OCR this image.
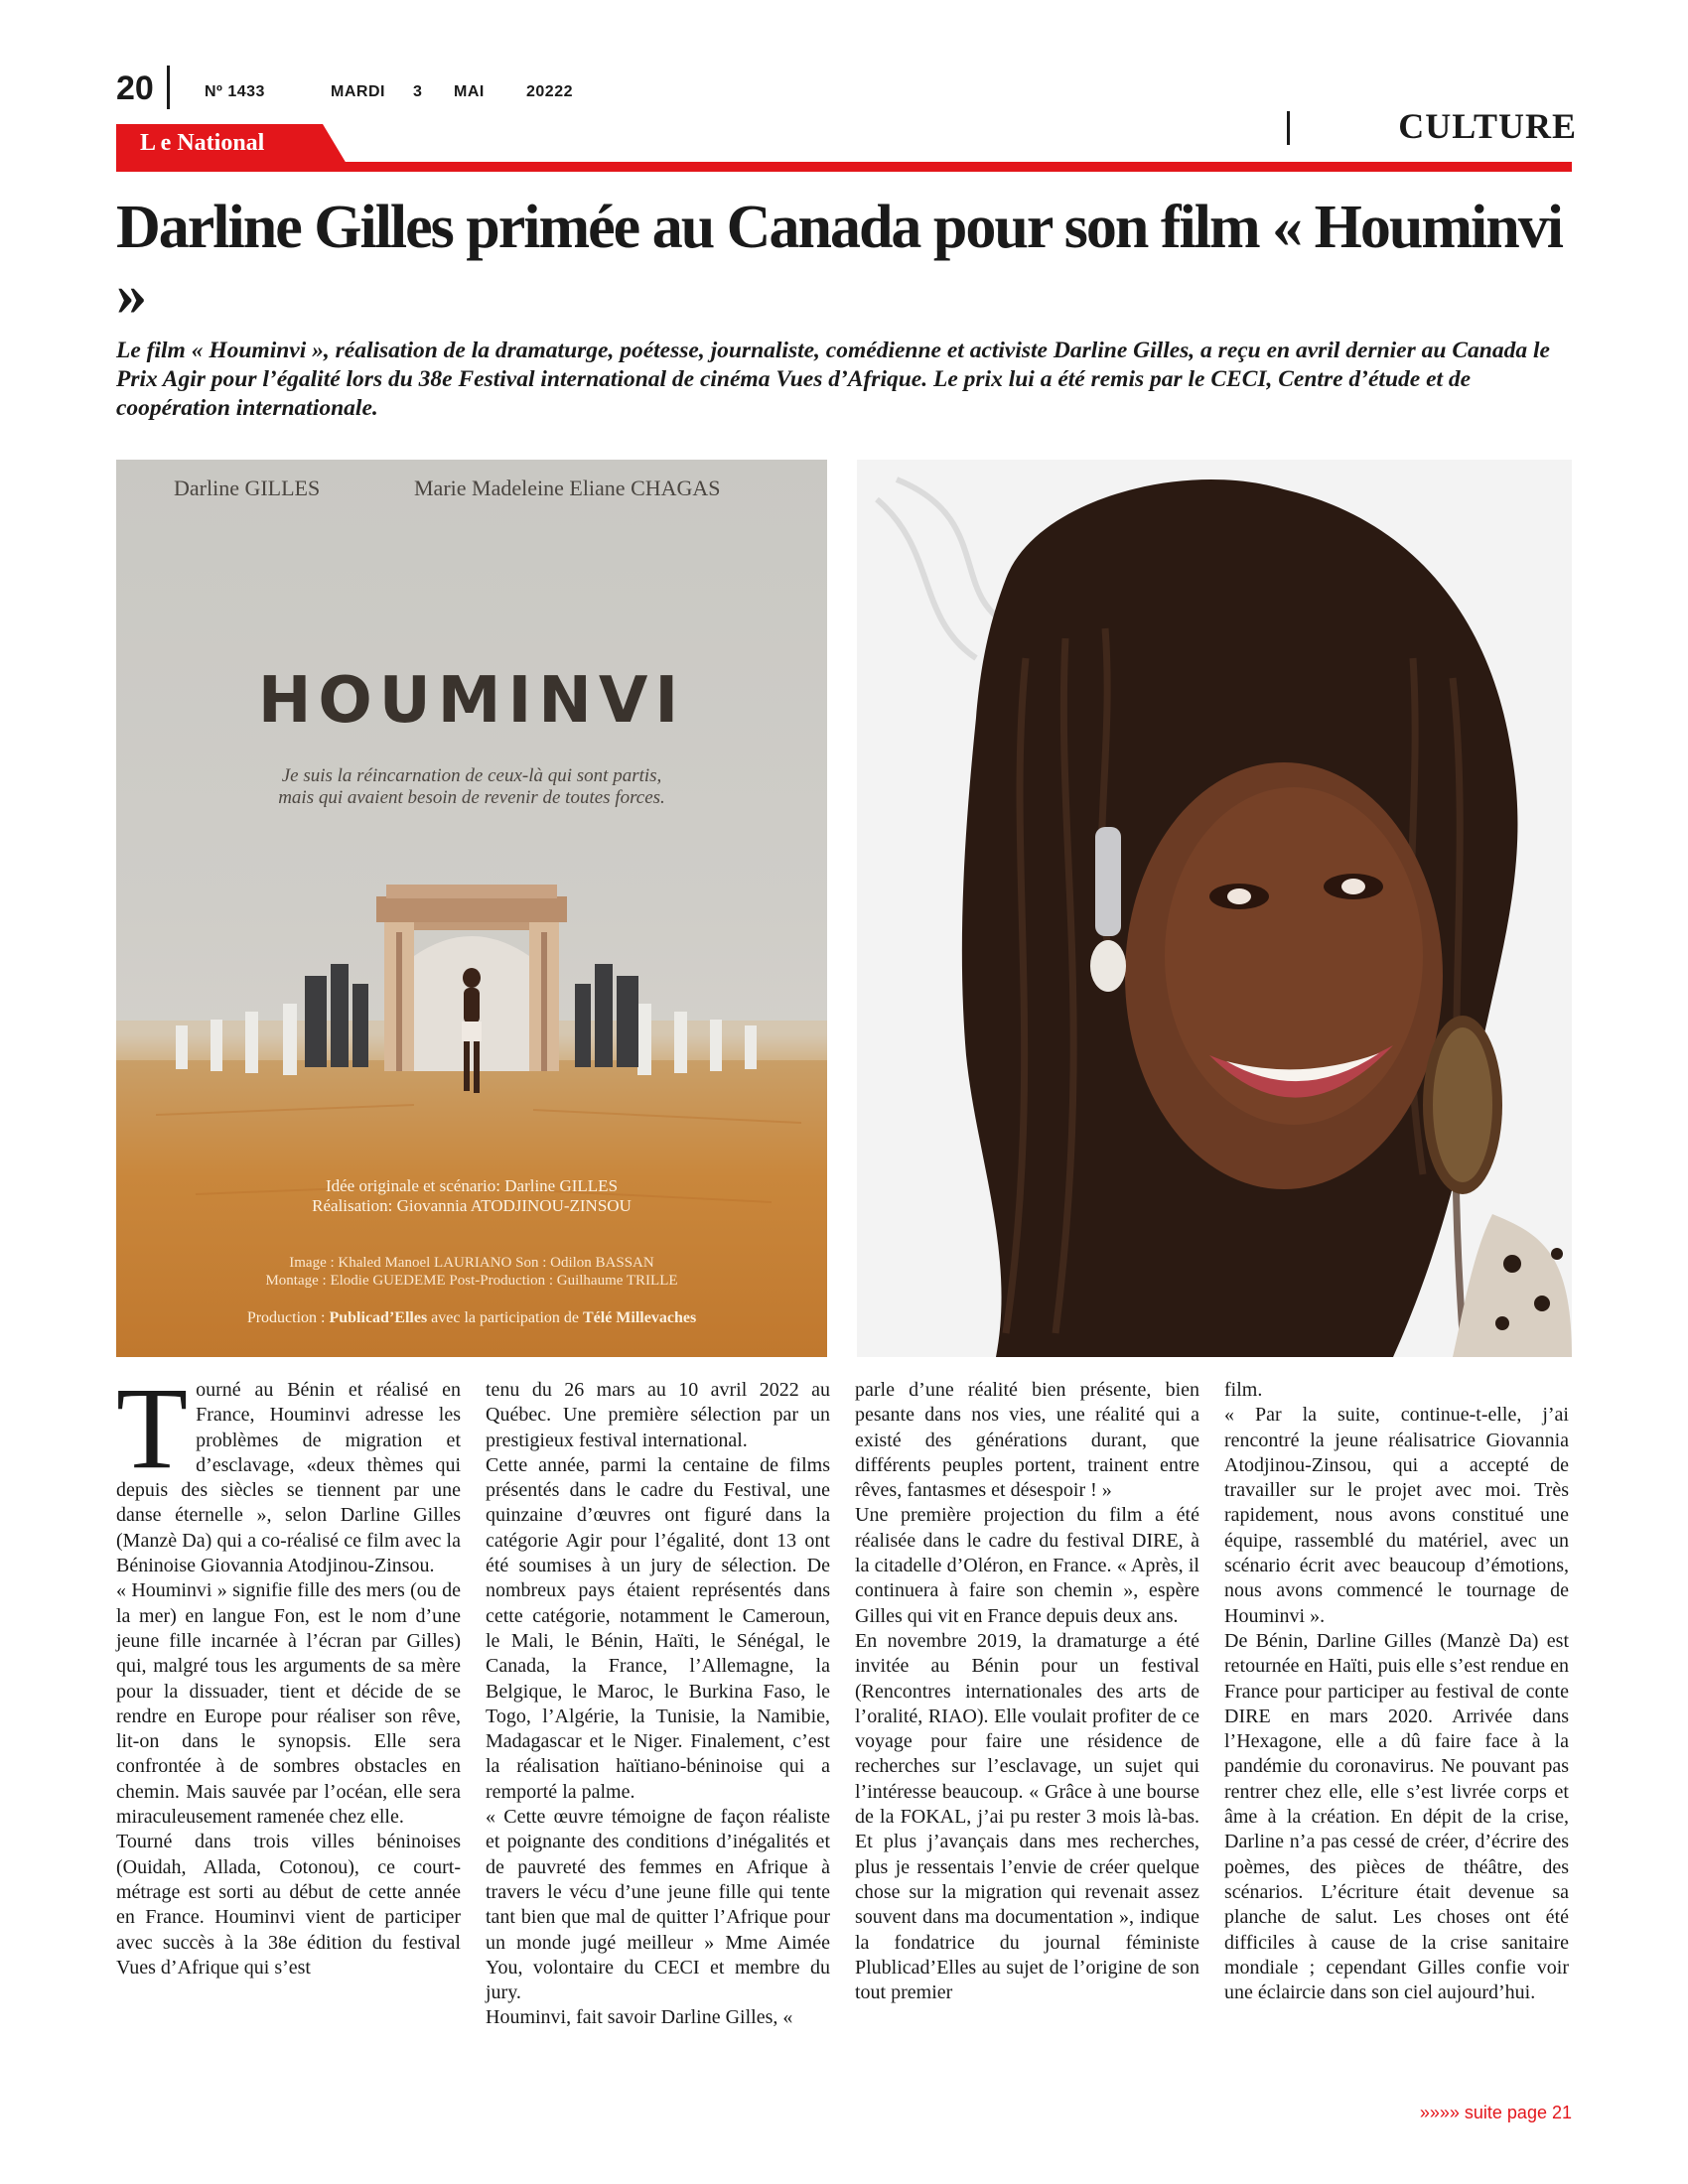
20	Nº 1433	MARDI 3 MAI	20222
CULTURE
L e National
Darline Gilles primée au Canada pour son film « Houminvi »

Le film « Houminvi », réalisation de la dramaturge, poétesse, journaliste, comédienne et activiste Darline Gilles, a reçu en avril dernier au Canada le Prix Agir pour l’égalité lors du 38e Festival international de cinéma Vues d’Afrique. Le prix lui a été remis par le CECI, Centre d’étude et de coopération internationale.

Darline GILLES	Marie Madeleine Eliane CHAGAS
HOUMINVI
Je suis la réincarnation de ceux-là qui sont partis,
mais qui avaient besoin de revenir de toutes forces.
Idée originale et scénario: Darline GILLES
Réalisation: Giovannia ATODJINOU-ZINSOU
Image : Khaled Manoel LAURIANO Son : Odilon BASSAN
Montage : Elodie GUEDEME Post-Production : Guilhaume TRILLE
Production : Publicad’Elles avec la participation de Télé Millevaches
T ourné au Bénin et réalisé en France, Houminvi adresse les problèmes de migration et d’esclavage, «deux thèmes qui depuis des siècles se tiennent par une danse éternelle », selon Darline Gilles (Manzè Da) qui a co-réalisé ce film avec la Béninoise Giovannia Atodjinou-Zinsou.

« Houminvi » signifie fille des mers (ou de la mer) en langue Fon, est le nom d’une jeune fille incarnée à l’écran par Gilles) qui, malgré tous les arguments de sa mère pour la dissuader, tient et décide de se rendre en Europe pour réaliser son rêve, lit-on dans le synopsis. Elle sera confrontée à de sombres obstacles en chemin. Mais sauvée par l’océan, elle sera miraculeusement ramenée chez elle.

Tourné dans trois villes béninoises (Ouidah, Allada, Cotonou), ce court-métrage est sorti au début de cette année en France. Houminvi vient de participer avec succès à la 38e édition du festival Vues d’Afrique qui s’est

tenu du 26 mars au 10 avril 2022 au Québec. Une première sélection par un prestigieux festival international.

Cette année, parmi la centaine de films présentés dans le cadre du Festival, une quinzaine d’œuvres ont figuré dans la catégorie Agir pour l’égalité, dont 13 ont été soumises à un jury de sélection. De nombreux pays étaient représentés dans cette catégorie, notamment le Cameroun, le Mali, le Bénin, Haïti, le Sénégal, le Canada, la France, l’Allemagne, la Belgique, le Maroc, le Burkina Faso, le Togo, l’Algérie, la Tunisie, la Namibie, Madagascar et le Niger. Finalement, c’est la réalisation haïtiano-béninoise qui a remporté la palme.

« Cette œuvre témoigne de façon réaliste et poignante des conditions d’inégalités et de pauvreté des femmes en Afrique à travers le vécu d’une jeune fille qui tente tant bien que mal de quitter l’Afrique pour un monde jugé meilleur » Mme Aimée You, volontaire du CECI et membre du jury.

Houminvi, fait savoir Darline Gilles, «

parle d’une réalité bien présente, bien pesante dans nos vies, une réalité qui a existé des générations durant, que différents peuples portent, trainent entre rêves, fantasmes et désespoir ! »

Une première projection du film a été réalisée dans le cadre du festival DIRE, à la citadelle d’Oléron, en France. « Après, il continuera à faire son chemin », espère Gilles qui vit en France depuis deux ans.

En novembre 2019, la dramaturge a été invitée au Bénin pour un festival (Rencontres internationales des arts de l’oralité, RIAO). Elle voulait profiter de ce voyage pour faire une résidence de recherches sur l’esclavage, un sujet qui l’intéresse beaucoup. « Grâce à une bourse de la FOKAL, j’ai pu rester 3 mois là-bas. Et plus j’avançais dans mes recherches, plus je ressentais l’envie de créer quelque chose sur la migration qui revenait assez souvent dans ma documentation », indique la fondatrice du journal féministe Plublicad’Elles au sujet de l’origine de son tout premier

film.

« Par la suite, continue-t-elle, j’ai rencontré la jeune réalisatrice Giovannia Atodjinou-Zinsou, qui a accepté de travailler sur le projet avec moi. Très rapidement, nous avons constitué une équipe, rassemblé du matériel, avec un scénario écrit avec beaucoup d’émotions, nous avons commencé le tournage de Houminvi ».

De Bénin, Darline Gilles (Manzè Da) est retournée en Haïti, puis elle s’est rendue en France pour participer au festival de conte DIRE en mars 2020. Arrivée dans l’Hexagone, elle a dû faire face à la pandémie du coronavirus. Ne pouvant pas rentrer chez elle, elle s’est livrée corps et âme à la création. En dépit de la crise, Darline n’a pas cessé de créer, d’écrire des poèmes, des pièces de théâtre, des scénarios. L’écriture était devenue sa planche de salut. Les choses ont été difficiles à cause de la crise sanitaire mondiale ; cependant Gilles confie voir une éclaircie dans son ciel aujourd’hui.

»»»» suite page 21
